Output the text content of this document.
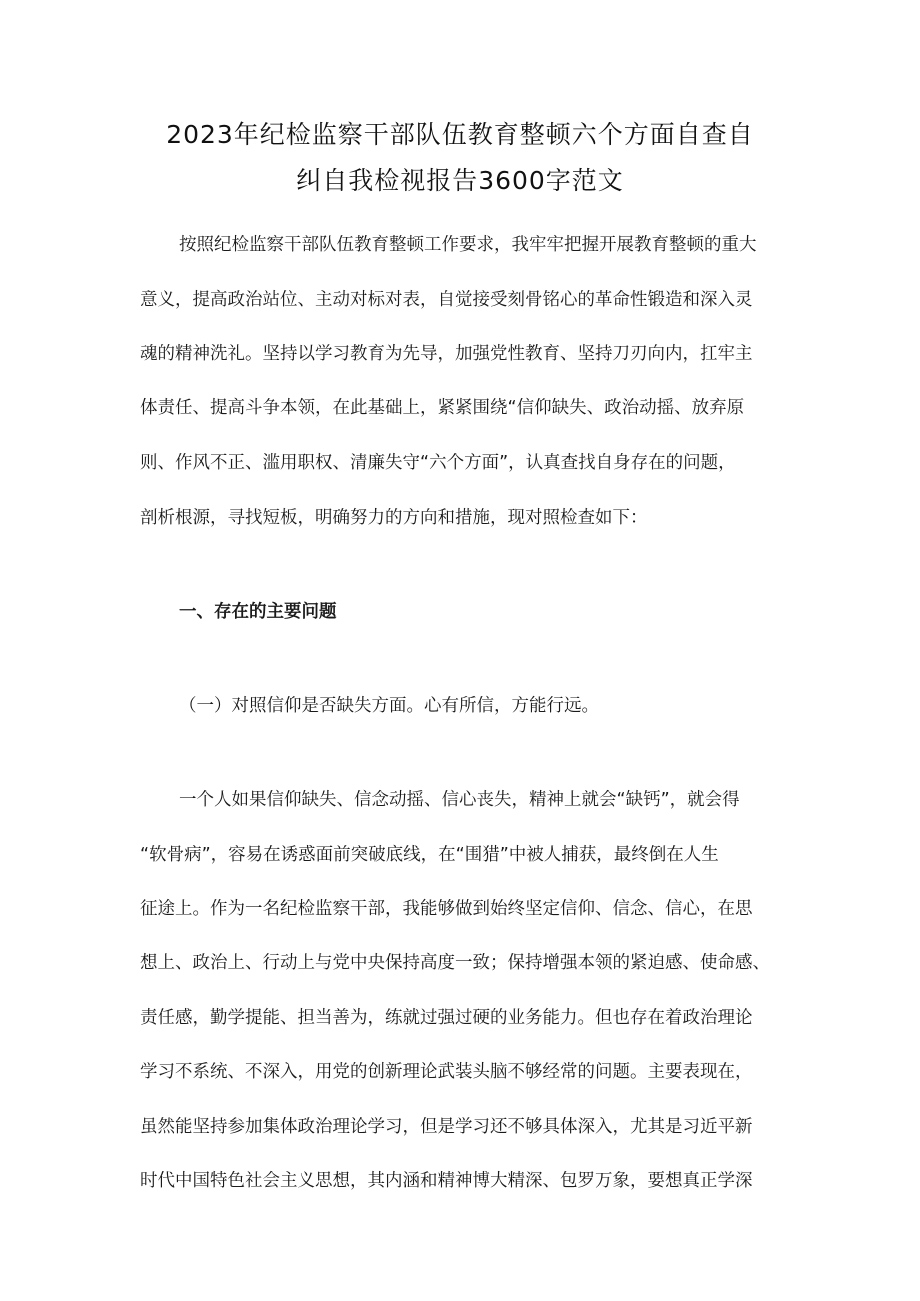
2023年纪检监察干部队伍教育整顿六个方面自查自
纠自我检视报告3600字范文
按照纪检监察干部队伍教育整顿工作要求，我牢牢把握开展教育整顿的重大
意义，提高政治站位、主动对标对表，自觉接受刻骨铭心的革命性锻造和深入灵
魂的精神洗礼。坚持以学习教育为先导，加强党性教育、坚持刀刃向内，扛牢主
体责任、提高斗争本领，在此基础上，紧紧围绕“信仰缺失、政治动摇、放弃原
则、作风不正、滥用职权、清廉失守“六个方面”，认真查找自身存在的问题，
剖析根源，寻找短板，明确努力的方向和措施，现对照检查如下：
一、存在的主要问题
（一）对照信仰是否缺失方面。心有所信，方能行远。
一个人如果信仰缺失、信念动摇、信心丧失，精神上就会“缺钙”，就会得
“软骨病”，容易在诱惑面前突破底线，在“围猎”中被人捕获，最终倒在人生
征途上。作为一名纪检监察干部，我能够做到始终坚定信仰、信念、信心，在思
想上、政治上、行动上与党中央保持高度一致；保持增强本领的紧迫感、使命感、
责任感，勤学提能、担当善为，练就过强过硬的业务能力。但也存在着政治理论
学习不系统、不深入，用党的创新理论武装头脑不够经常的问题。主要表现在，
虽然能坚持参加集体政治理论学习，但是学习还不够具体深入，尤其是习近平新
时代中国特色社会主义思想，其内涵和精神博大精深、包罗万象，要想真正学深
